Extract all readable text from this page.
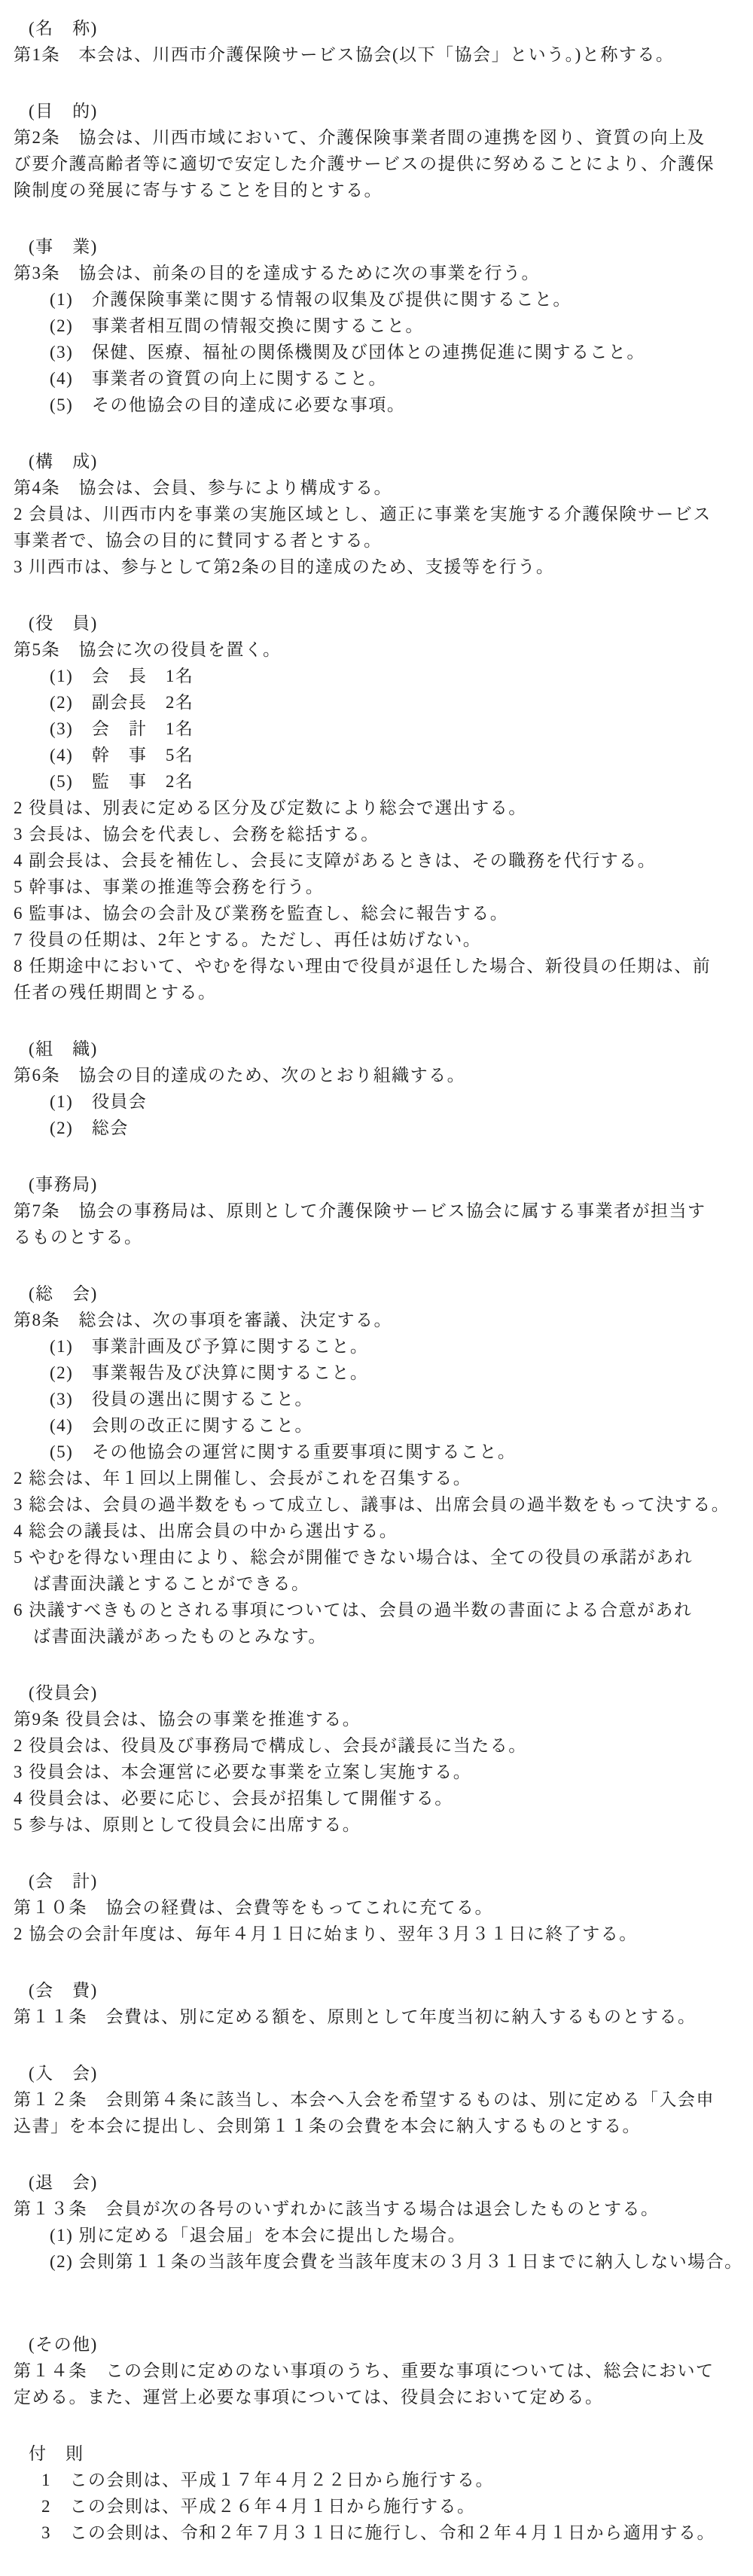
(名　称)
第1条　本会は、川西市介護保険サービス協会(以下「協会」という。)と称する。
(目　的)
第2条　協会は、川西市域において、介護保険事業者間の連携を図り、資質の向上及
び要介護高齢者等に適切で安定した介護サービスの提供に努めることにより、介護保
険制度の発展に寄与することを目的とする。
(事　業)
第3条　協会は、前条の目的を達成するために次の事業を行う。
(1)　介護保険事業に関する情報の収集及び提供に関すること。
(2)　事業者相互間の情報交換に関すること。
(3)　保健、医療、福祉の関係機関及び団体との連携促進に関すること。
(4)　事業者の資質の向上に関すること。
(5)　その他協会の目的達成に必要な事項。
(構　成)
第4条　協会は、会員、参与により構成する。
2 会員は、川西市内を事業の実施区域とし、適正に事業を実施する介護保険サービス
事業者で、協会の目的に賛同する者とする。
3 川西市は、参与として第2条の目的達成のため、支援等を行う。
(役　員)
第5条　協会に次の役員を置く。
(1)　会　長　1名
(2)　副会長　2名
(3)　会　計　1名
(4)　幹　事　5名
(5)　監　事　2名
2 役員は、別表に定める区分及び定数により総会で選出する。
3 会長は、協会を代表し、会務を総括する。
4 副会長は、会長を補佐し、会長に支障があるときは、その職務を代行する。
5 幹事は、事業の推進等会務を行う。
6 監事は、協会の会計及び業務を監査し、総会に報告する。
7 役員の任期は、2年とする。ただし、再任は妨げない。
8 任期途中において、やむを得ない理由で役員が退任した場合、新役員の任期は、前
任者の残任期間とする。
(組　織)
第6条　協会の目的達成のため、次のとおり組織する。
(1)　役員会
(2)　総会
(事務局)
第7条　協会の事務局は、原則として介護保険サービス協会に属する事業者が担当す
るものとする。
(総　会)
第8条　総会は、次の事項を審議、決定する。
(1)　事業計画及び予算に関すること。
(2)　事業報告及び決算に関すること。
(3)　役員の選出に関すること。
(4)　会則の改正に関すること。
(5)　その他協会の運営に関する重要事項に関すること。
2 総会は、年１回以上開催し、会長がこれを召集する。
3 総会は、会員の過半数をもって成立し、議事は、出席会員の過半数をもって決する。
4 総会の議長は、出席会員の中から選出する。
5 やむを得ない理由により、総会が開催できない場合は、全ての役員の承諾があれ
ば書面決議とすることができる。
6 決議すべきものとされる事項については、会員の過半数の書面による合意があれ
ば書面決議があったものとみなす。
(役員会)
第9条 役員会は、協会の事業を推進する。
2 役員会は、役員及び事務局で構成し、会長が議長に当たる。
3 役員会は、本会運営に必要な事業を立案し実施する。
4 役員会は、必要に応じ、会長が招集して開催する。
5 参与は、原則として役員会に出席する。
(会　計)
第１０条　協会の経費は、会費等をもってこれに充てる。
2 協会の会計年度は、毎年４月１日に始まり、翌年３月３１日に終了する。
(会　費)
第１１条　会費は、別に定める額を、原則として年度当初に納入するものとする。
(入　会)
第１２条　会則第４条に該当し、本会へ入会を希望するものは、別に定める「入会申
込書」を本会に提出し、会則第１１条の会費を本会に納入するものとする。
(退　会)
第１３条　会員が次の各号のいずれかに該当する場合は退会したものとする。
(1) 別に定める「退会届」を本会に提出した場合。
(2) 会則第１１条の当該年度会費を当該年度末の３月３１日までに納入しない場合。
(その他)
第１４条　この会則に定めのない事項のうち、重要な事項については、総会において
定める。また、運営上必要な事項については、役員会において定める。
付　則
1　この会則は、平成１７年４月２２日から施行する。
2　この会則は、平成２６年４月１日から施行する。
3　この会則は、令和２年７月３１日に施行し、令和２年４月１日から適用する。
